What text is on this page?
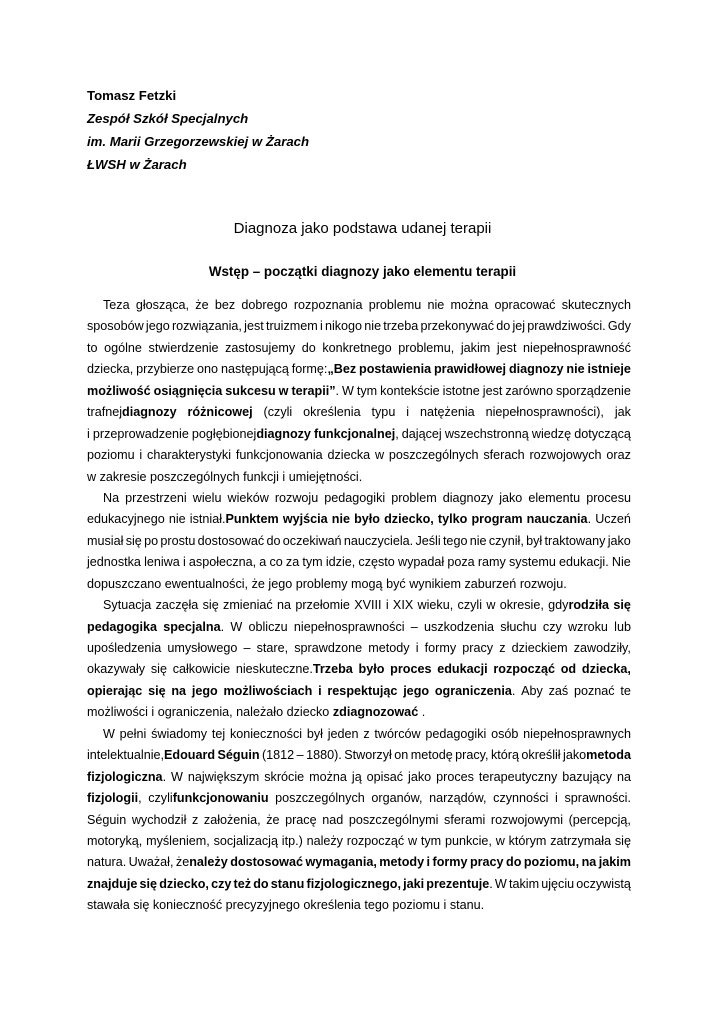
Tomasz Fetzki
Zespół Szkół Specjalnych
im. Marii Grzegorzewskiej w Żarach
ŁWSH w Żarach
Diagnoza jako podstawa udanej terapii
Wstęp – początki diagnozy jako elementu terapii
Teza głosząca, że bez dobrego rozpoznania problemu nie można opracować skutecznych
sposobów jego rozwiązania, jest truizmem i nikogo nie trzeba przekonywać do jej prawdziwości. Gdy
to ogólne stwierdzenie zastosujemy do konkretnego problemu, jakim jest niepełnosprawność
dziecka, przybierze ono następującą formę:„Bez postawienia prawidłowej diagnozy nie istnieje
możliwość osiągnięcia sukcesu w terapii”. W tym kontekście istotne jest zarówno sporządzenie
trafnejdiagnozy różnicowej (czyli określenia typu i natężenia niepełnosprawności), jak
i przeprowadzenie pogłębionejdiagnozy funkcjonalnej, dającej wszechstronną wiedzę dotyczącą
poziomu i charakterystyki funkcjonowania dziecka w poszczególnych sferach rozwojowych oraz
w zakresie poszczególnych funkcji i umiejętności.
Na przestrzeni wielu wieków rozwoju pedagogiki problem diagnozy jako elementu procesu
edukacyjnego nie istniał.Punktem wyjścia nie było dziecko, tylko program nauczania. Uczeń
musiał się po prostu dostosować do oczekiwań nauczyciela. Jeśli tego nie czynił, był traktowany jako
jednostka leniwa i aspołeczna, a co za tym idzie, często wypadał poza ramy systemu edukacji. Nie
dopuszczano ewentualności, że jego problemy mogą być wynikiem zaburzeń rozwoju.
Sytuacja zaczęła się zmieniać na przełomie XVIII i XIX wieku, czyli w okresie, gdyrodziła się
pedagogika specjalna. W obliczu niepełnosprawności – uszkodzenia słuchu czy wzroku lub
upośledzenia umysłowego – stare, sprawdzone metody i formy pracy z dzieckiem zawodziły,
okazywały się całkowicie nieskuteczne.Trzeba było proces edukacji rozpocząć od dziecka,
opierając się na jego możliwościach i respektując jego ograniczenia. Aby zaś poznać te
możliwości i ograniczenia, należało dziecko zdiagnozować .
W pełni świadomy tej konieczności był jeden z twórców pedagogiki osób niepełnosprawnych
intelektualnie,Edouard Séguin (1812 – 1880). Stworzył on metodę pracy, którą określił jakometoda
fizjologiczna. W największym skrócie można ją opisać jako proces terapeutyczny bazujący na
fizjologii, czylifunkcjonowaniu poszczególnych organów, narządów, czynności i sprawności.
Séguin wychodził z założenia, że pracę nad poszczególnymi sferami rozwojowymi (percepcją,
motoryką, myśleniem, socjalizacją itp.) należy rozpocząć w tym punkcie, w którym zatrzymała się
natura. Uważał, żenależy dostosować wymagania, metody i formy pracy do poziomu, na jakim
znajduje się dziecko, czy też do stanu fizjologicznego, jaki prezentuje. W takim ujęciu oczywistą
stawała się konieczność precyzyjnego określenia tego poziomu i stanu.
